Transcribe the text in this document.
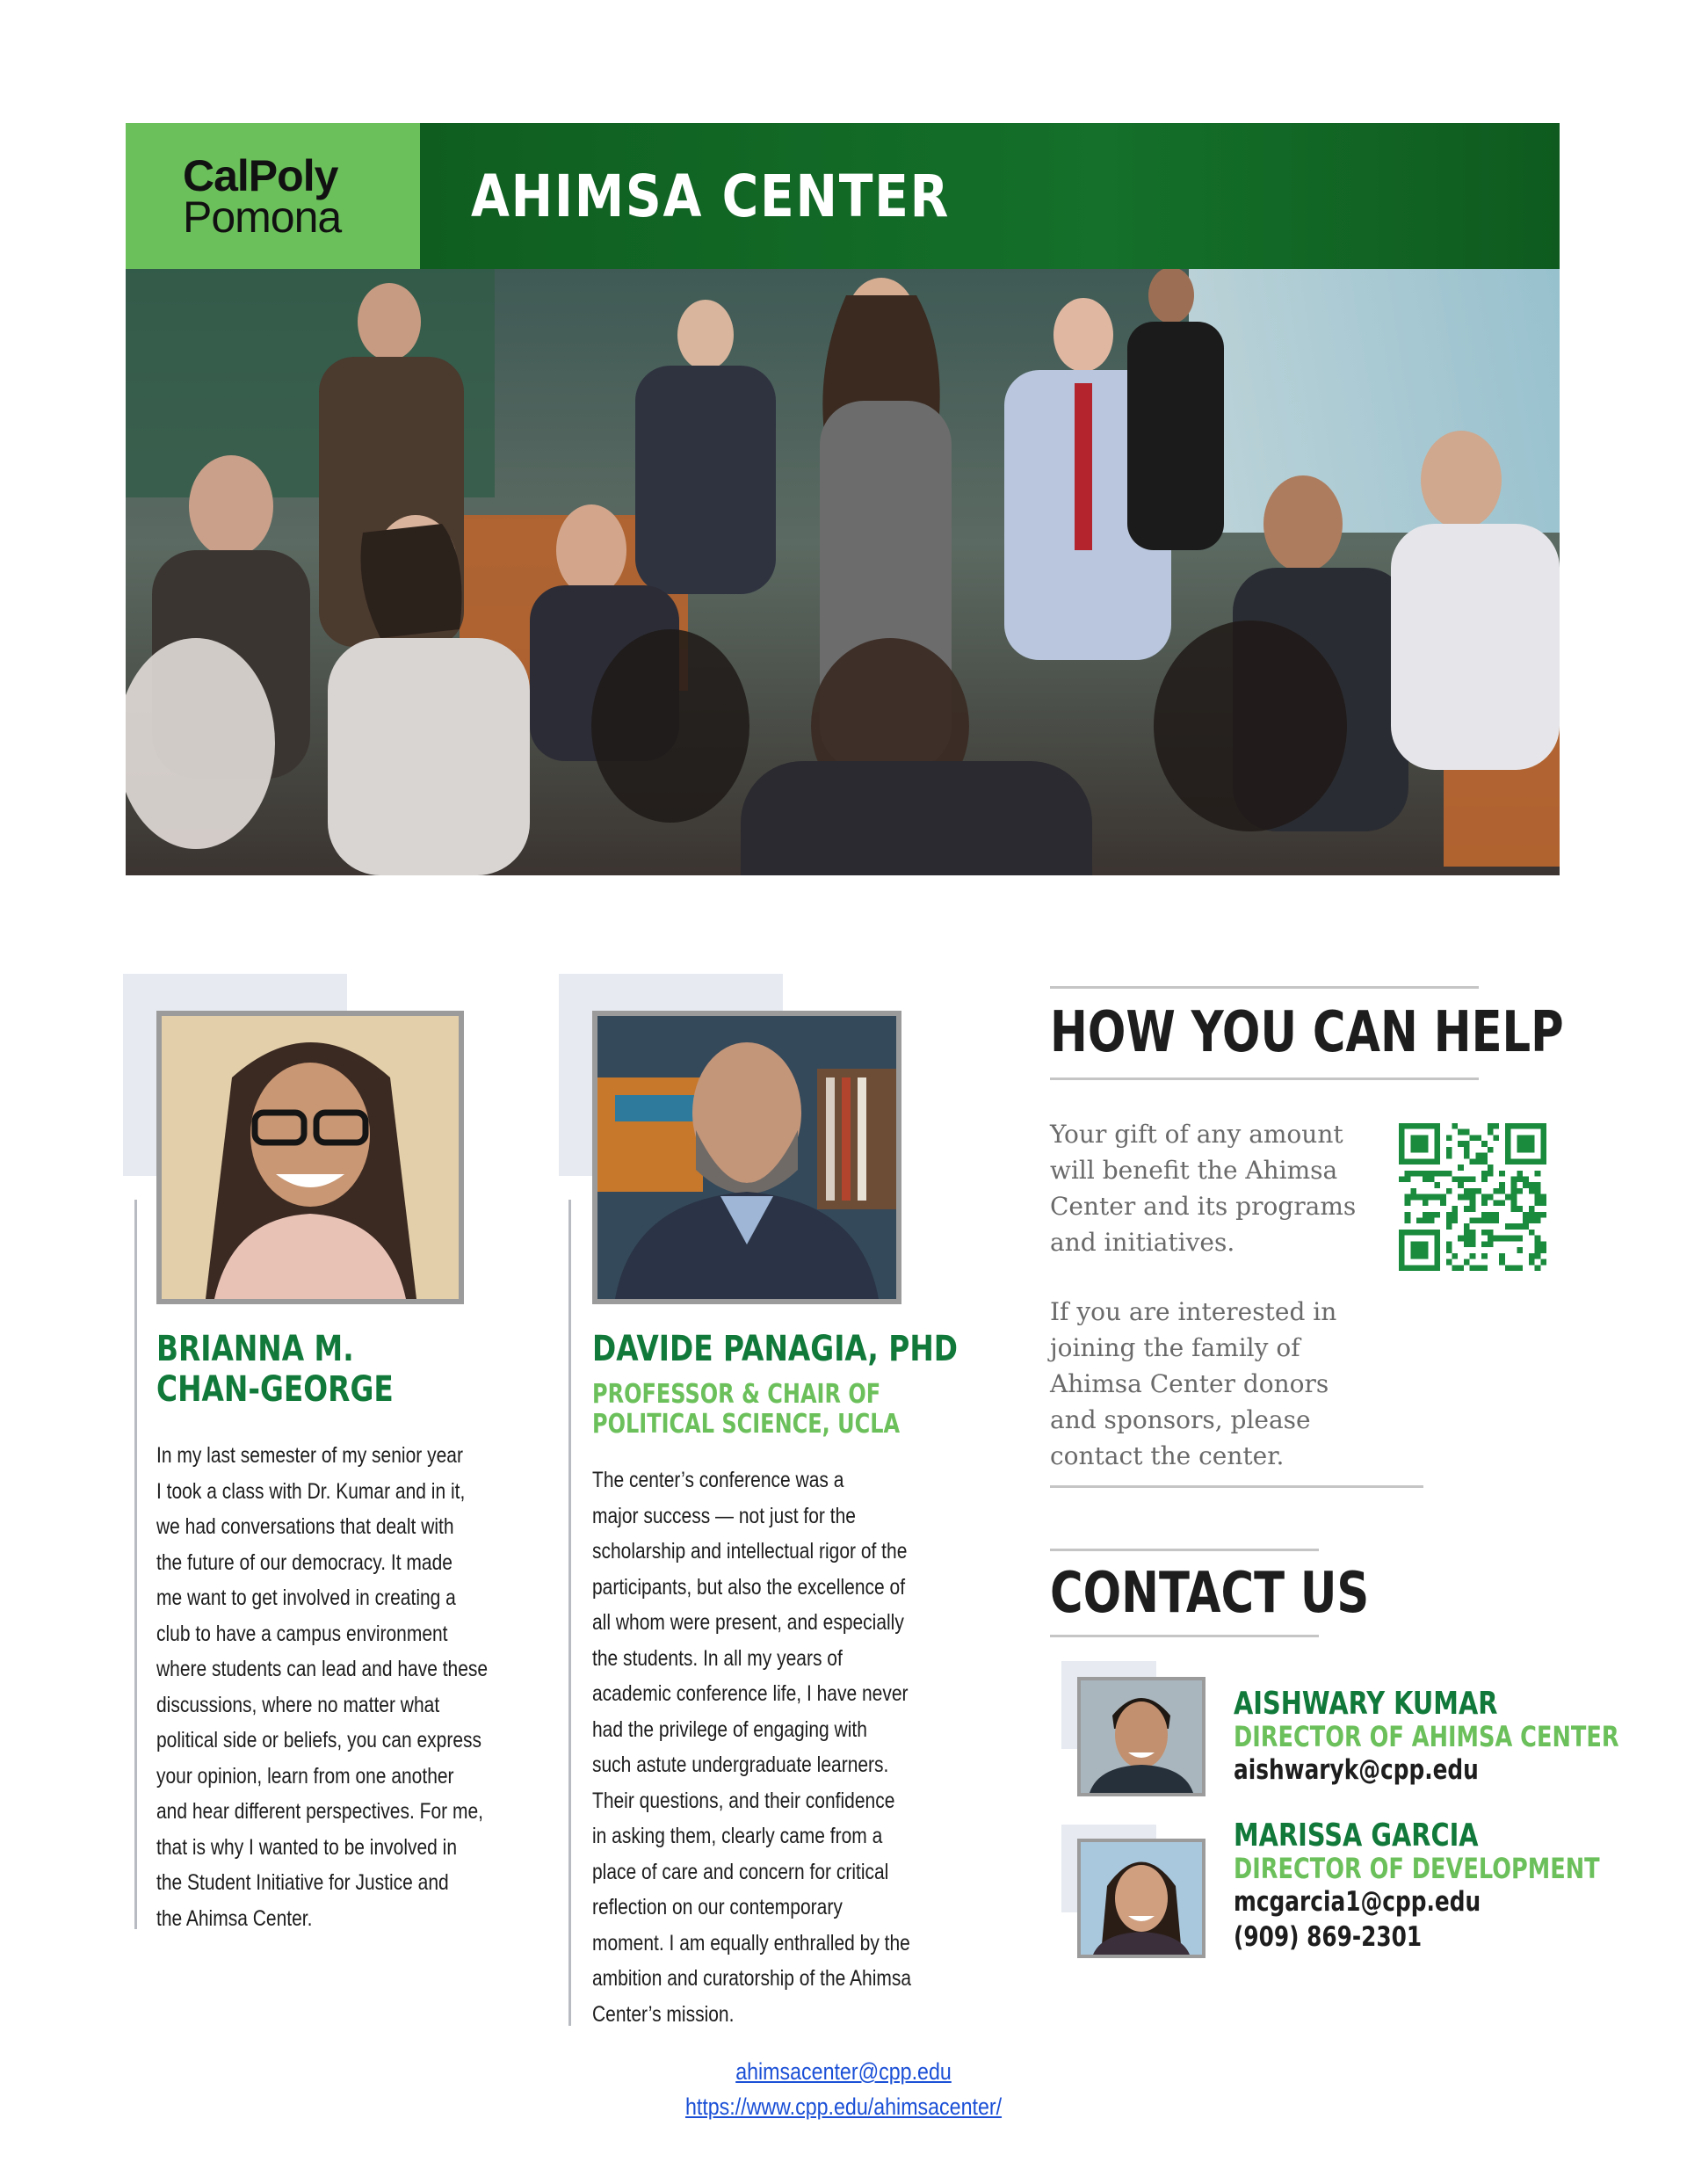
CalPoly
Pomona	AHIMSA CENTER
BRIANNA M.
CHAN-GEORGE
In my last semester of my senior year
I took a class with Dr. Kumar and in it,
we had conversations that dealt with
the future of our democracy. It made
me want to get involved in creating a
club to have a campus environment
where students can lead and have these
discussions, where no matter what
political side or beliefs, you can express
your opinion, learn from one another
and hear different perspectives. For me,
that is why I wanted to be involved in
the Student Initiative for Justice and
the Ahimsa Center.
DAVIDE PANAGIA, PHD
PROFESSOR & CHAIR OF
POLITICAL SCIENCE, UCLA
The center’s conference was a
major success — not just for the
scholarship and intellectual rigor of the
participants, but also the excellence of
all whom were present, and especially
the students. In all my years of
academic conference life, I have never
had the privilege of engaging with
such astute undergraduate learners.
Their questions, and their confidence
in asking them, clearly came from a
place of care and concern for critical
reflection on our contemporary
moment. I am equally enthralled by the
ambition and curatorship of the Ahimsa
Center’s mission.
HOW YOU CAN HELP
Your gift of any amount
will benefit the Ahimsa
Center and its programs
and initiatives.
If you are interested in
joining the family of
Ahimsa Center donors
and sponsors, please
contact the center.
CONTACT US
AISHWARY KUMAR
DIRECTOR OF AHIMSA CENTER
aishwaryk@cpp.edu
MARISSA GARCIA
DIRECTOR OF DEVELOPMENT
mcgarcia1@cpp.edu
(909) 869-2301
ahimsacenter@cpp.edu
https://www.cpp.edu/ahimsacenter/
